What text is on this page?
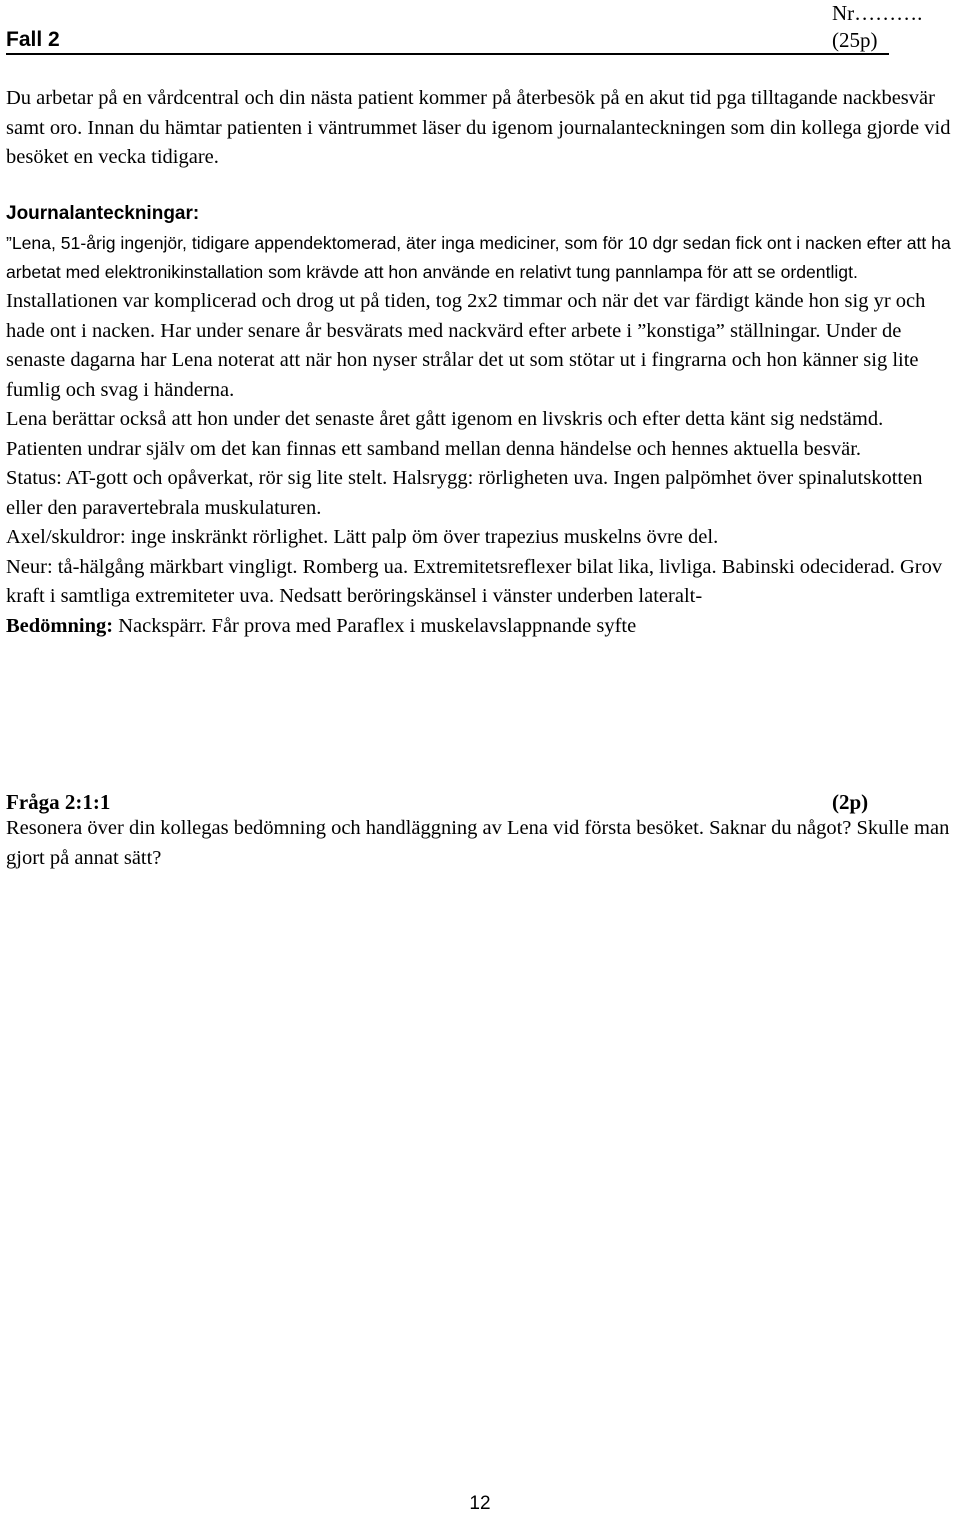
Nr……….
Fall 2	(25p)

Du arbetar på en vårdcentral och din nästa patient kommer på återbesök på en akut tid pga tilltagande nackbesvär samt oro. Innan du hämtar patienten i väntrummet läser du igenom journalanteckningen som din kollega gjorde vid besöket en vecka tidigare.

Journalanteckningar:

”Lena, 51-årig ingenjör, tidigare appendektomerad, äter inga mediciner, som för 10 dgr sedan fick ont i nacken efter att ha arbetat med elektronikinstallation som krävde att hon använde en relativt tung pannlampa för att se ordentligt.

Installationen var komplicerad och drog ut på tiden, tog 2x2 timmar och när det var färdigt kände hon sig yr och hade ont i nacken. Har under senare år besvärats med nackvärd efter arbete i ”konstiga” ställningar. Under de senaste dagarna har Lena noterat att när hon nyser strålar det ut som stötar ut i fingrarna och hon känner sig lite fumlig och svag i händerna.

Lena berättar också att hon under det senaste året gått igenom en livskris och efter detta känt sig nedstämd. Patienten undrar själv om det kan finnas ett samband mellan denna händelse och hennes aktuella besvär.

Status: AT-gott och opåverkat, rör sig lite stelt. Halsrygg: rörligheten uva. Ingen palpömhet över spinalutskotten eller den paravertebrala muskulaturen.

Axel/skuldror: inge inskränkt rörlighet. Lätt palp öm över trapezius muskelns övre del.

Neur: tå-hälgång märkbart vingligt. Romberg ua. Extremitetsreflexer bilat lika, livliga. Babinski odeciderad. Grov kraft i samtliga extremiteter uva. Nedsatt beröringskänsel i vänster underben lateralt-

Bedömning: Nackspärr. Får prova med Paraflex i muskelavslappnande syfte

Fråga 2:1:1	(2p)

Resonera över din kollegas bedömning och handläggning av Lena vid första besöket. Saknar du något? Skulle man gjort på annat sätt?

12
